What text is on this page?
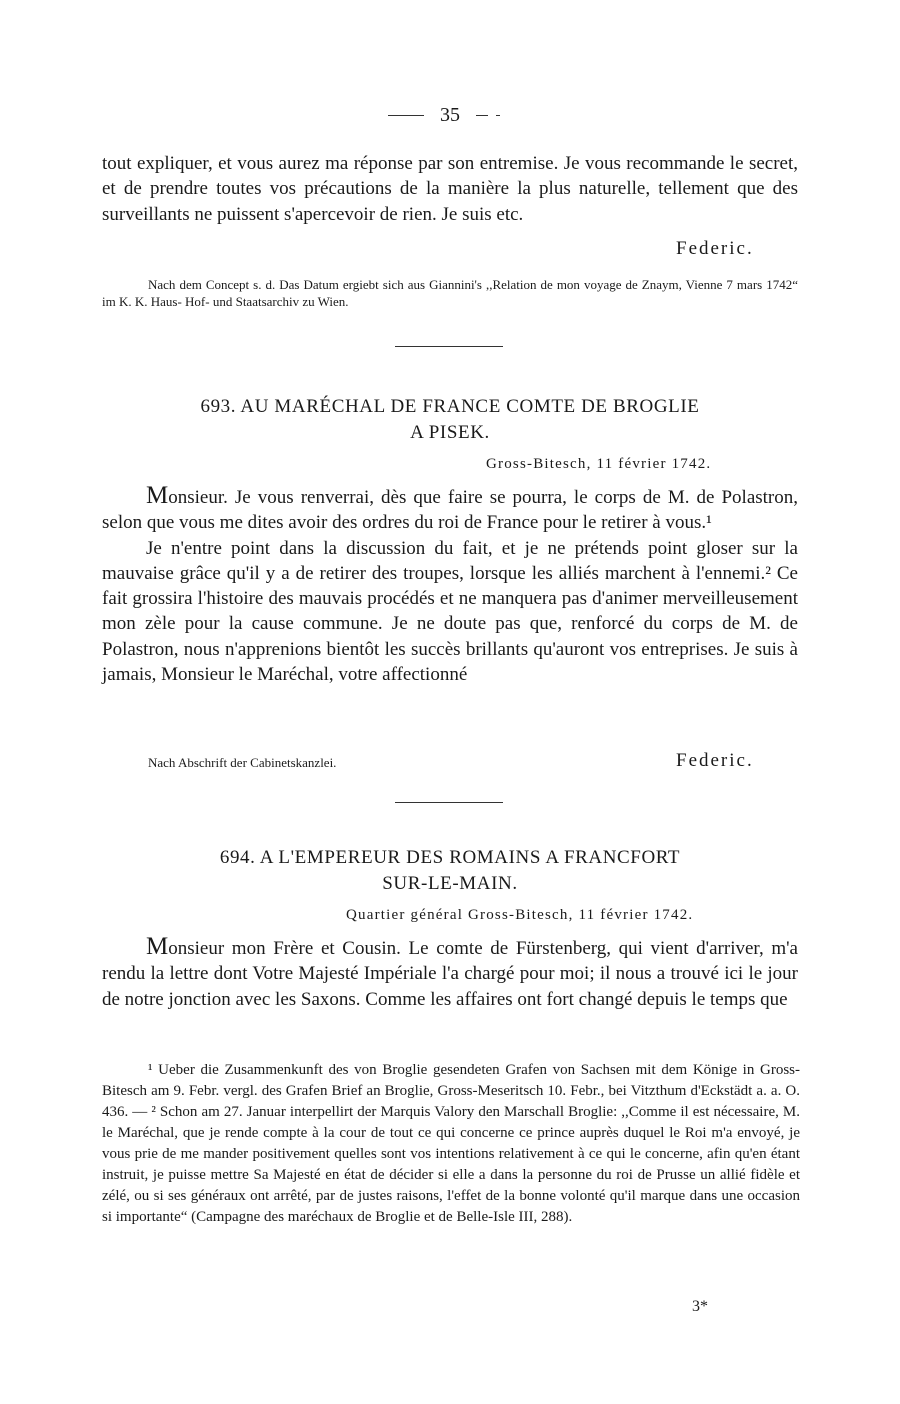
35

tout expliquer, et vous aurez ma réponse par son entremise. Je vous recommande le secret, et de prendre toutes vos précautions de la manière la plus naturelle, tellement que des surveillants ne puissent s'apercevoir de rien. Je suis etc.

Federic.
Nach dem Concept s. d. Das Datum ergiebt sich aus Giannini's ,,Relation de mon voyage de Znaym, Vienne 7 mars 1742“ im K. K. Haus- Hof- und Staatsarchiv zu Wien.
693. AU MARÉCHAL DE FRANCE COMTE DE BROGLIE
A PISEK.
Gross-Bitesch, 11 février 1742.

Monsieur. Je vous renverrai, dès que faire se pourra, le corps de M. de Polastron, selon que vous me dites avoir des ordres du roi de France pour le retirer à vous.¹

Je n'entre point dans la discussion du fait, et je ne prétends point gloser sur la mauvaise grâce qu'il y a de retirer des troupes, lorsque les alliés marchent à l'ennemi.² Ce fait grossira l'histoire des mauvais procédés et ne manquera pas d'animer merveilleusement mon zèle pour la cause commune. Je ne doute pas que, renforcé du corps de M. de Polastron, nous n'apprenions bientôt les succès brillants qu'auront vos entreprises. Je suis à jamais, Monsieur le Maréchal, votre affectionné

Nach Abschrift der Cabinetskanzlei.	Federic.
694. A L'EMPEREUR DES ROMAINS A FRANCFORT
SUR-LE-MAIN.
Quartier général Gross-Bitesch, 11 février 1742.

Monsieur mon Frère et Cousin. Le comte de Fürstenberg, qui vient d'arriver, m'a rendu la lettre dont Votre Majesté Impériale l'a chargé pour moi; il nous a trouvé ici le jour de notre jonction avec les Saxons. Comme les affaires ont fort changé depuis le temps que

¹ Ueber die Zusammenkunft des von Broglie gesendeten Grafen von Sachsen mit dem Könige in Gross-Bitesch am 9. Febr. vergl. des Grafen Brief an Broglie, Gross-Meseritsch 10. Febr., bei Vitzthum d'Eckstädt a. a. O. 436. — ² Schon am 27. Januar interpellirt der Marquis Valory den Marschall Broglie: ,,Comme il est nécessaire, M. le Maréchal, que je rende compte à la cour de tout ce qui concerne ce prince auprès duquel le Roi m'a envoyé, je vous prie de me mander positivement quelles sont vos intentions relativement à ce qui le concerne, afin qu'en étant instruit, je puisse mettre Sa Majesté en état de décider si elle a dans la personne du roi de Prusse un allié fidèle et zélé, ou si ses généraux ont arrêté, par de justes raisons, l'effet de la bonne volonté qu'il marque dans une occasion si importante“ (Campagne des maréchaux de Broglie et de Belle-Isle III, 288).

3*
